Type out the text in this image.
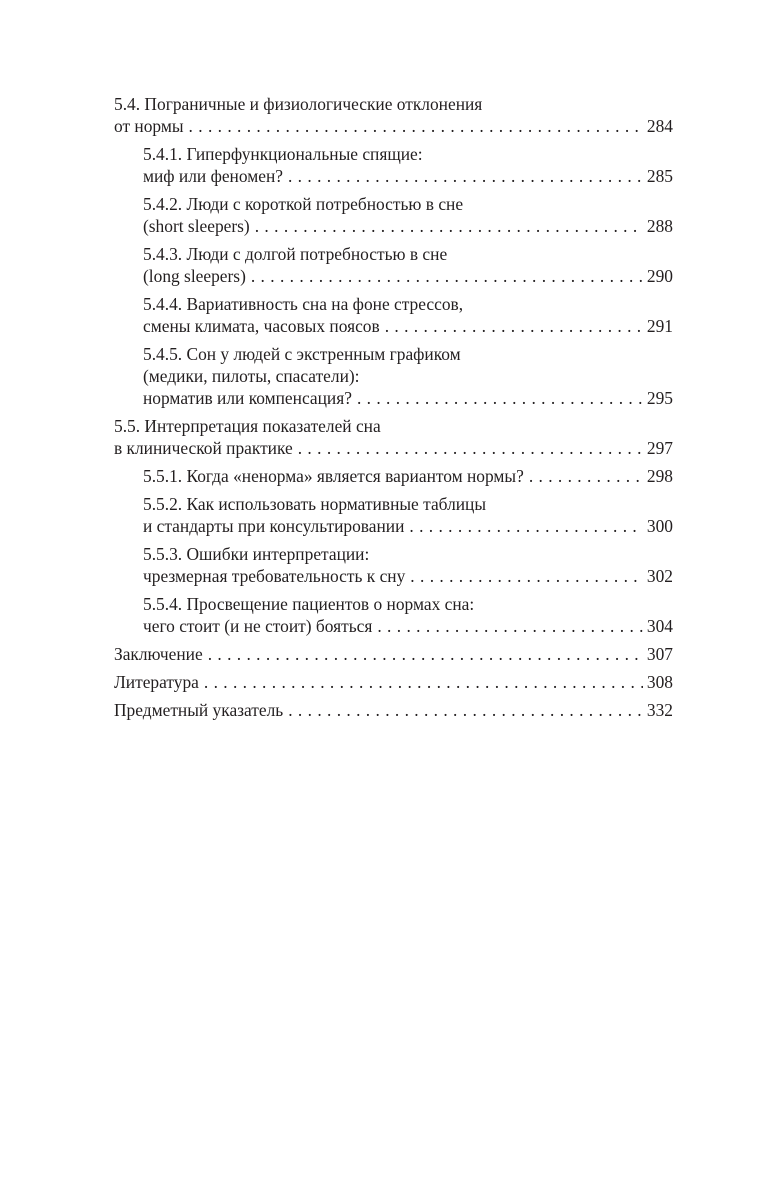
5.4. Пограничные и физиологические отклонения
от нормы . . .	284
5.4.1. Гиперфункциональные спящие:
миф или феномен? . . .	285
5.4.2. Люди с короткой потребностью в сне
(short sleepers) . . .	288
5.4.3. Люди с долгой потребностью в сне
(long sleepers) . . .	290
5.4.4. Вариативность сна на фоне стрессов,
смены климата, часовых поясов . . .	291
5.4.5. Сон у людей с экстренным графиком
(медики, пилоты, спасатели):
норматив или компенсация? . . .	295
5.5. Интерпретация показателей сна
в клинической практике . . .	297
5.5.1. Когда «ненорма» является вариантом нормы? . . .	298
5.5.2. Как использовать нормативные таблицы
и стандарты при консультировании . . .	300
5.5.3. Ошибки интерпретации:
чрезмерная требовательность к сну . . .	302
5.5.4. Просвещение пациентов о нормах сна:
чего стоит (и не стоит) бояться . . .	304
Заключение . . .	307
Литература . . .	308
Предметный указатель . . .	332
